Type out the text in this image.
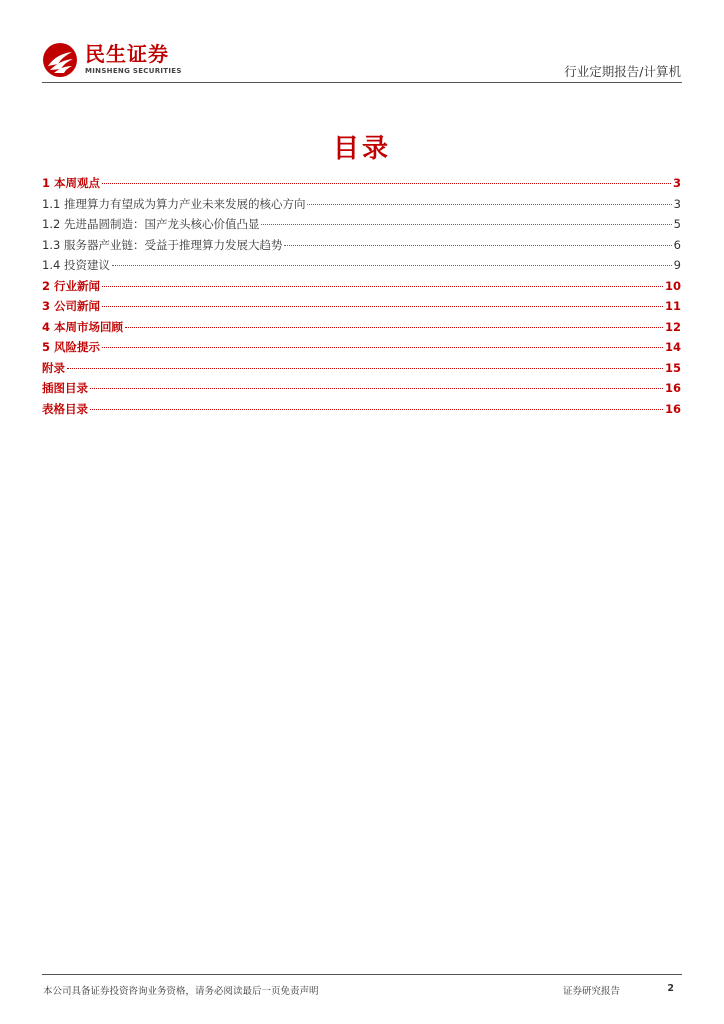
民生证券
MINSHENG SECURITIES	行业定期报告/计算机
目录
1 本周观点	3
1.1 推理算力有望成为算力产业未来发展的核心方向	3
1.2 先进晶圆制造：国产龙头核心价值凸显	5
1.3 服务器产业链：受益于推理算力发展大趋势	6
1.4 投资建议	9
2 行业新闻	10
3 公司新闻	11
4 本周市场回顾	12
5 风险提示	14
附录	15
插图目录	16
表格目录	16
本公司具备证券投资咨询业务资格，请务必阅读最后一页免责声明	证券研究报告	2
